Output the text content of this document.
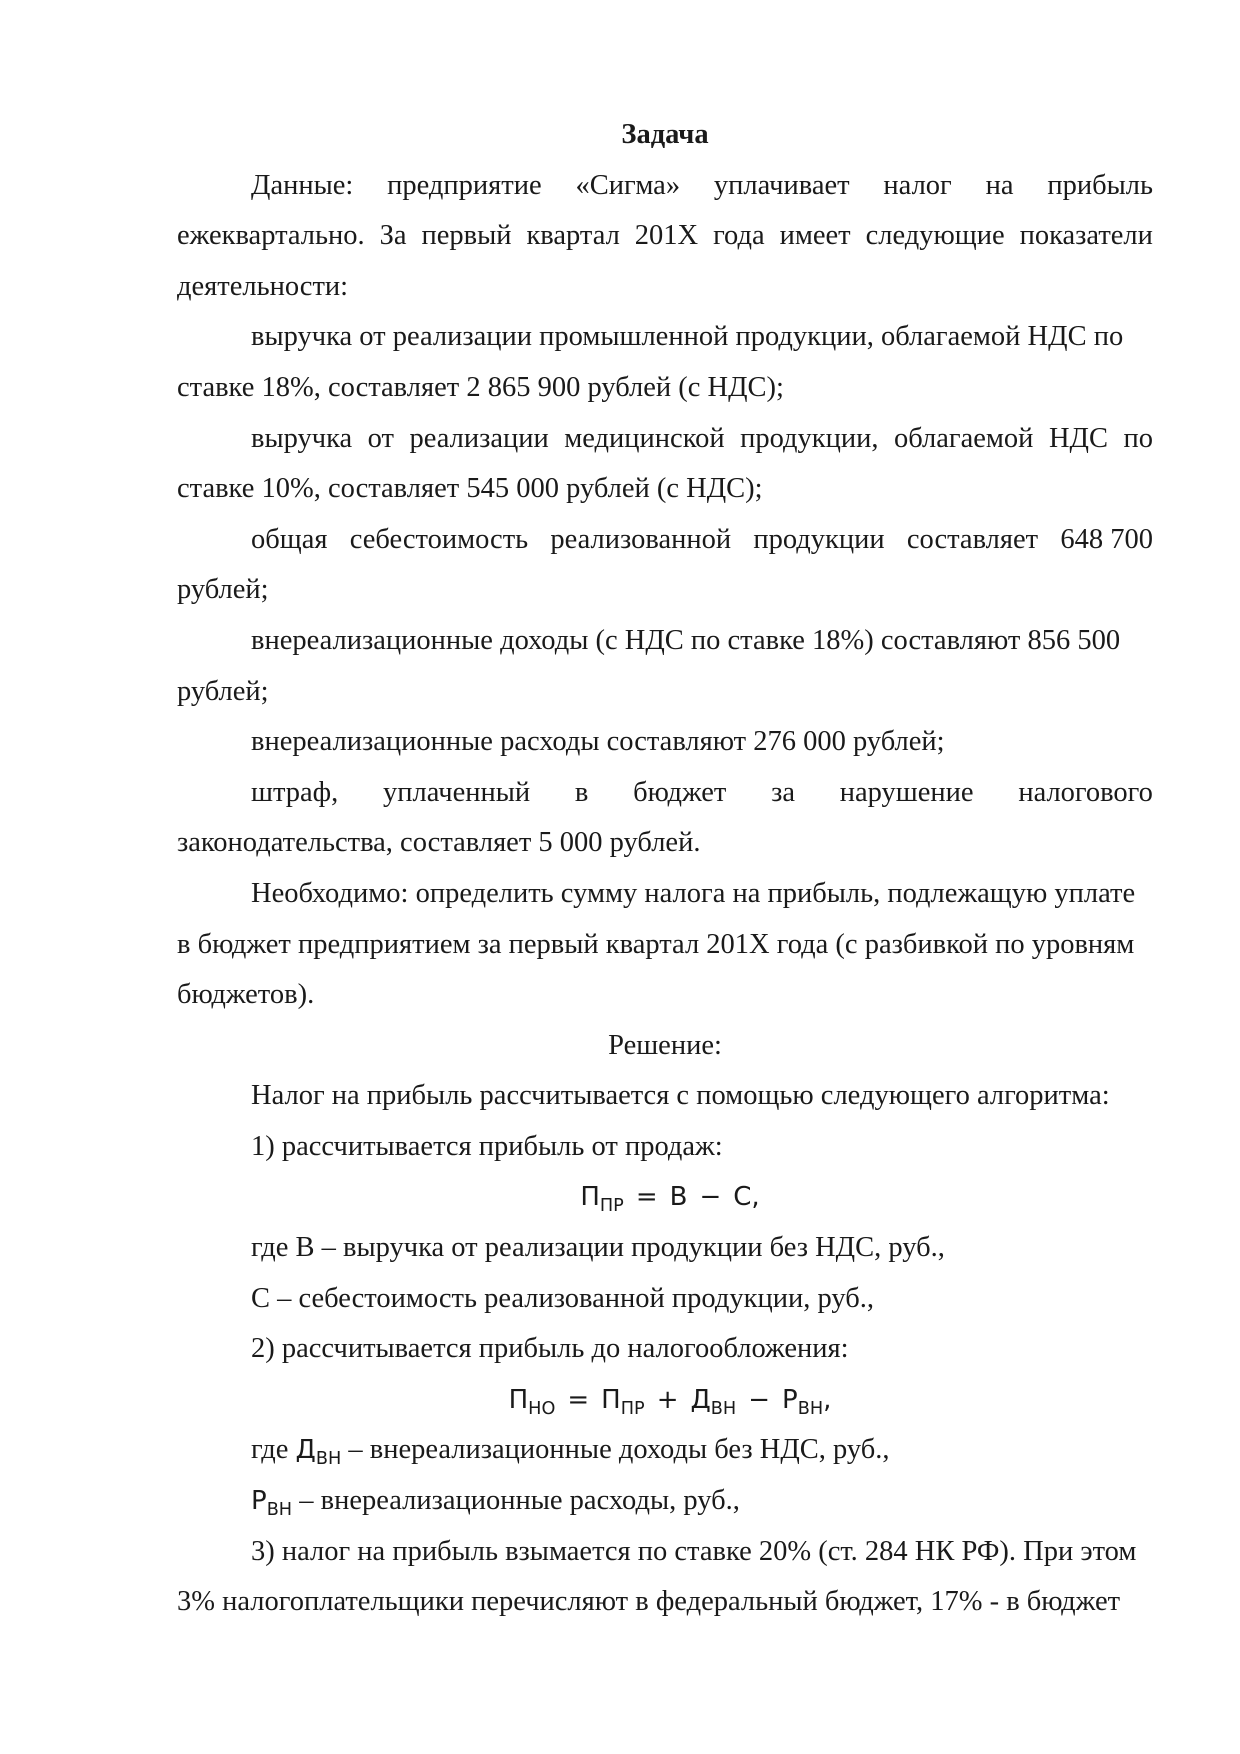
Задача
Данные: предприятие «Сигма» уплачивает налог на прибыль
ежеквартально. За первый квартал 201Х года имеет следующие показатели
деятельности:
выручка от реализации промышленной продукции, облагаемой НДС по
ставке 18%, составляет 2 865 900 рублей (с НДС);
выручка от реализации медицинской продукции, облагаемой НДС по
ставке 10%, составляет 545 000 рублей (с НДС);
общая себестоимость реализованной продукции составляет 648 700
рублей;
внереализационные доходы (с НДС по ставке 18%) составляют 856 500
рублей;
внереализационные расходы составляют 276 000 рублей;
штраф, уплаченный в бюджет за нарушение налогового
законодательства, составляет 5 000 рублей.
Необходимо: определить сумму налога на прибыль, подлежащую уплате
в бюджет предприятием за первый квартал 201Х года (с разбивкой по уровням
бюджетов).
Решение:
Налог на прибыль рассчитывается с помощью следующего алгоритма:
1) рассчитывается прибыль от продаж:
$П_{ПР} = В - С$,
где В – выручка от реализации продукции без НДС, руб.,
С – себестоимость реализованной продукции, руб.,
2) рассчитывается прибыль до налогообложения:
$П_{НО} = П_{ПР} + Д_{ВН} - Р_{ВН}$,
где $Д_{ВН}$ – внереализационные доходы без НДС, руб.,
$Р_{ВН}$ – внереализационные расходы, руб.,
3) налог на прибыль взымается по ставке 20% (ст. 284 НК РФ). При этом
3% налогоплательщики перечисляют в федеральный бюджет, 17% - в бюджет
